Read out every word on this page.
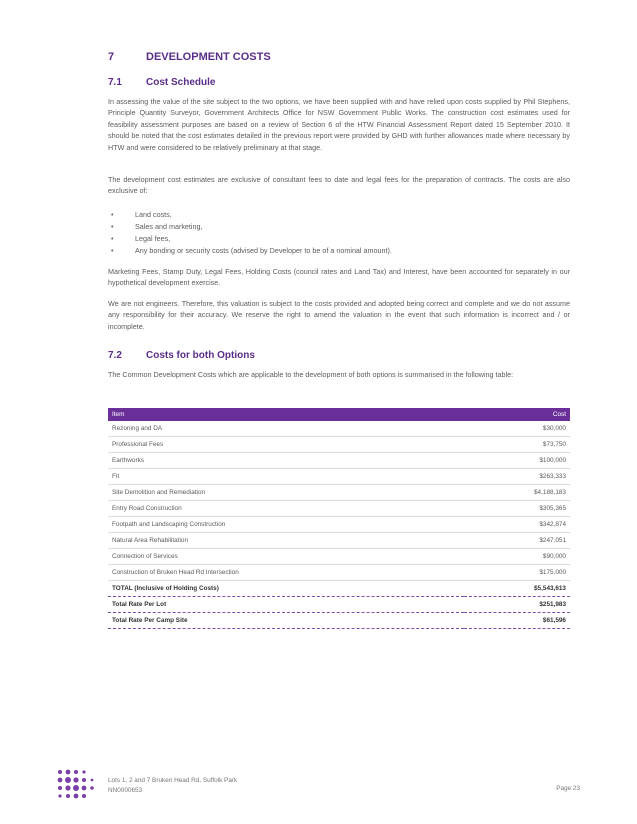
7	DEVELOPMENT COSTS
7.1 Cost Schedule
In assessing the value of the site subject to the two options, we have been supplied with and have relied upon costs supplied by Phil Stephens, Principle Quantity Surveyor, Government Architects Office for NSW Government Public Works. The construction cost estimates used for feasibility assessment purposes are based on a review of Section 6 of the HTW Financial Assessment Report dated 15 September 2010. It should be noted that the cost estimates detailed in the previous report were provided by GHD with further allowances made where necessary by HTW and were considered to be relatively preliminary at that stage.
The development cost estimates are exclusive of consultant fees to date and legal fees for the preparation of contracts. The costs are also exclusive of:
•	Land costs,
•	Sales and marketing,
•	Legal fees,
•	Any bonding or security costs (advised by Developer to be of a nominal amount).
Marketing Fees, Stamp Duty, Legal Fees, Holding Costs (council rates and Land Tax) and Interest, have been accounted for separately in our hypothetical development exercise.
We are not engineers. Therefore, this valuation is subject to the costs provided and adopted being correct and complete and we do not assume any responsibility for their accuracy. We reserve the right to amend the valuation in the event that such information is incorrect and / or incomplete.
7.2 Costs for both Options
The Common Development Costs which are applicable to the development of both options is summarised in the following table:
Item	Cost
Rezoning and DA	$30,000
Professional Fees	$73,750
Earthworks	$100,000
Fit	$263,333
Site Demolition and Remediation	$4,188,183
Entry Road Construction	$305,365
Footpath and Landscaping Construction	$342,874
Natural Area Rehabilitation	$247,051
Connection of Services	$90,000
Construction of Bruken Head Rd Intersection	$175,000
TOTAL (Inclusive of Holding Costs)	$5,543,613
Total Rate Per Lot	$251,983
Total Rate Per Camp Site	$61,596
Lots 1, 2 and 7 Bruken Head Rd, Suffolk Park
NN0000653	Page 23
